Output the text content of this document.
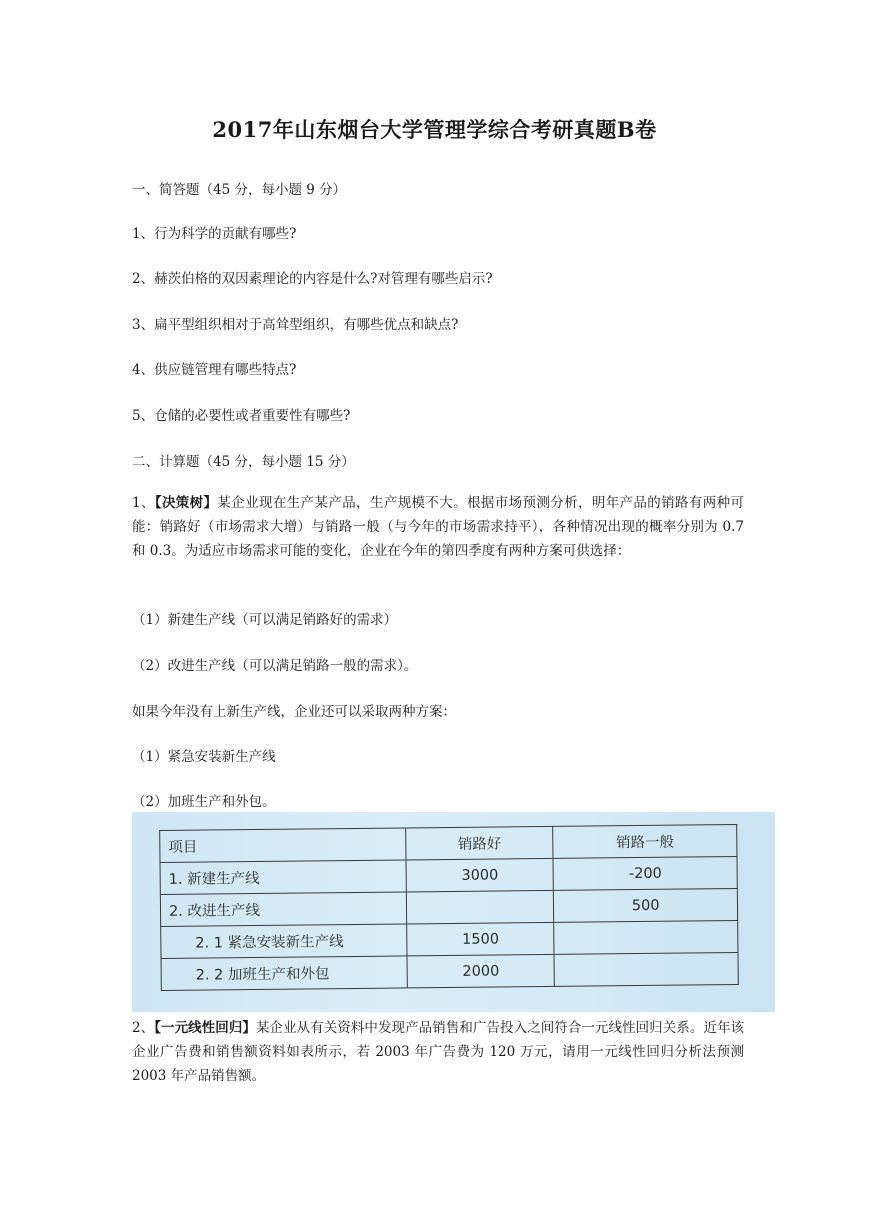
2017年山东烟台大学管理学综合考研真题B卷
一、简答题（45 分，每小题 9 分）
1、行为科学的贡献有哪些?
2、赫茨伯格的双因素理论的内容是什么?对管理有哪些启示?
3、扁平型组织相对于高耸型组织，有哪些优点和缺点?
4、供应链管理有哪些特点?
5、仓储的必要性或者重要性有哪些?
二、计算题（45 分，每小题 15 分）
1、【决策树】某企业现在生产某产品，生产规模不大。根据市场预测分析，明年产品的销路有两种可能：销路好（市场需求大增）与销路一般（与今年的市场需求持平），各种情况出现的概率分别为 0.7 和 0.3。为适应市场需求可能的变化，企业在今年的第四季度有两种方案可供选择：
（1）新建生产线（可以满足销路好的需求）
（2）改进生产线（可以满足销路一般的需求）。
如果今年没有上新生产线，企业还可以采取两种方案：
（1）紧急安装新生产线
（2）加班生产和外包。
项目	销路好	销路一般
1. 新建生产线	3000	-200
2. 改进生产线		500
2. 1 紧急安装新生产线	1500	
2. 2 加班生产和外包	2000	
2、【一元线性回归】某企业从有关资料中发现产品销售和广告投入之间符合一元线性回归关系。近年该企业广告费和销售额资料如表所示，若 2003 年广告费为 120 万元，请用一元线性回归分析法预测 2003 年产品销售额。
